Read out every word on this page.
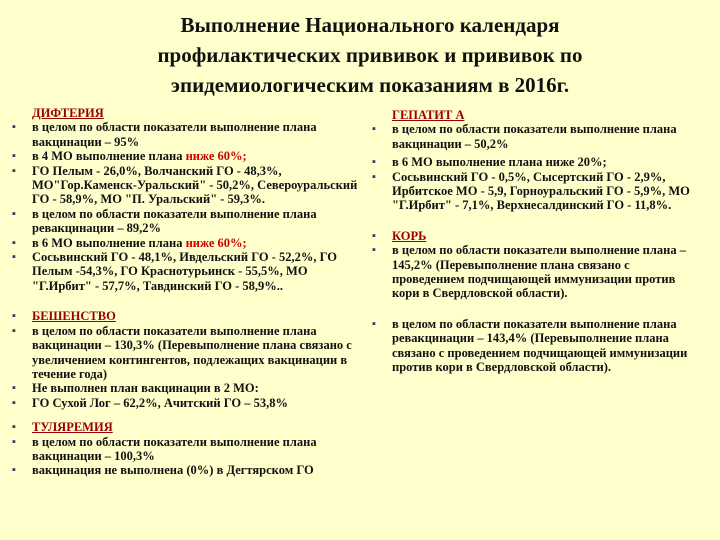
Выполнение Национального календаря
профилактических прививок и прививок по
эпидемиологическим показаниям в 2016г.
ДИФТЕРИЯ
▪	в целом по области показатели выполнение плана вакцинации – 95%
▪	в 4 МО выполнение плана ниже 60%;
▪	ГО Пелым - 26,0%, Волчанский ГО - 48,3%, МО"Гор.Каменск-Уральский" - 50,2%, Североуральский ГО - 58,9%, МО "П. Уральский" - 59,3%.
▪	в целом по области показатели выполнение плана ревакцинации – 89,2%
▪	в 6 МО выполнение плана ниже 60%;
▪	Сосьвинский ГО - 48,1%, Ивдельский ГО - 52,2%, ГО Пелым -54,3%, ГО Краснотурьинск - 55,5%, МО "Г.Ирбит" - 57,7%, Тавдинский ГО - 58,9%..
▪	БЕШЕНСТВО
▪	в целом по области показатели выполнение плана вакцинации – 130,3% (Перевыполнение плана связано с увеличением контингентов, подлежащих вакцинации в течение года)
▪	Не выполнен план вакцинации в 2 МО:
▪	ГО Сухой Лог – 62,2%, Ачитский ГО – 53,8%
▪	ТУЛЯРЕМИЯ
▪	в целом по области показатели выполнение плана вакцинации – 100,3%
▪	вакцинация не выполнена (0%) в Дегтярском ГО
ГЕПАТИТ А
▪	в целом по области показатели выполнение плана вакцинации – 50,2%
▪	в 6 МО выполнение плана ниже 20%;
▪	Сосьвинский ГО - 0,5%, Сысертский ГО - 2,9%, Ирбитское МО - 5,9, Горноуральский ГО - 5,9%, МО "Г.Ирбит" - 7,1%, Верхнесалдинский ГО - 11,8%.
▪	КОРЬ
▪	в целом по области показатели выполнение плана – 145,2% (Перевыполнение плана связано с проведением подчищающей иммунизации против кори в Свердловской области).
▪	в целом по области показатели выполнение плана ревакцинации – 143,4% (Перевыполнение плана связано с проведением подчищающей иммунизации против кори в Свердловской области).
